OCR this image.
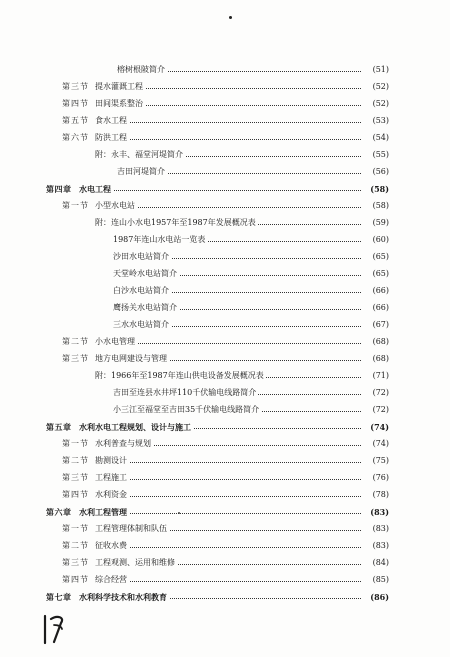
榕树根陂简介	(51)
第三节 提水灌溉工程	(52)
第四节 田间渠系整治	(52)
第五节 食水工程	(53)
第六节 防洪工程	(54)
附：永丰、福堂河堤简介	(55)
吉田河堤简介	(56)
第四章 水电工程	(58)
第一节 小型水电站	(58)
附：连山小水电1957年至1987年发展概况表	(59)
1987年连山水电站一览表	(60)
沙田水电站简介	(65)
天堂岭水电站简介	(65)
白沙水电站简介	(66)
鹰扬关水电站简介	(66)
三水水电站简介	(67)
第二节 小水电管理	(68)
第三节 地方电网建设与管理	(68)
附：1966年至1987年连山供电设备发展概况表	(71)
吉田至连县水井坪110千伏输电线路简介	(72)
小三江至福堂至吉田35千伏输电线路简介	(72)
第五章 水利水电工程规划、设计与施工	(74)
第一节 水利普查与规划	(74)
第二节 勘测设计	(75)
第三节 工程施工	(76)
第四节 水利资金	(78)
第六章 水利工程管理	(83)
第一节 工程管理体制和队伍	(83)
第二节 征收水费	(83)
第三节 工程观测、运用和维修	(84)
第四节 综合经营	(85)
第七章 水利科学技术和水利教育	(86)
